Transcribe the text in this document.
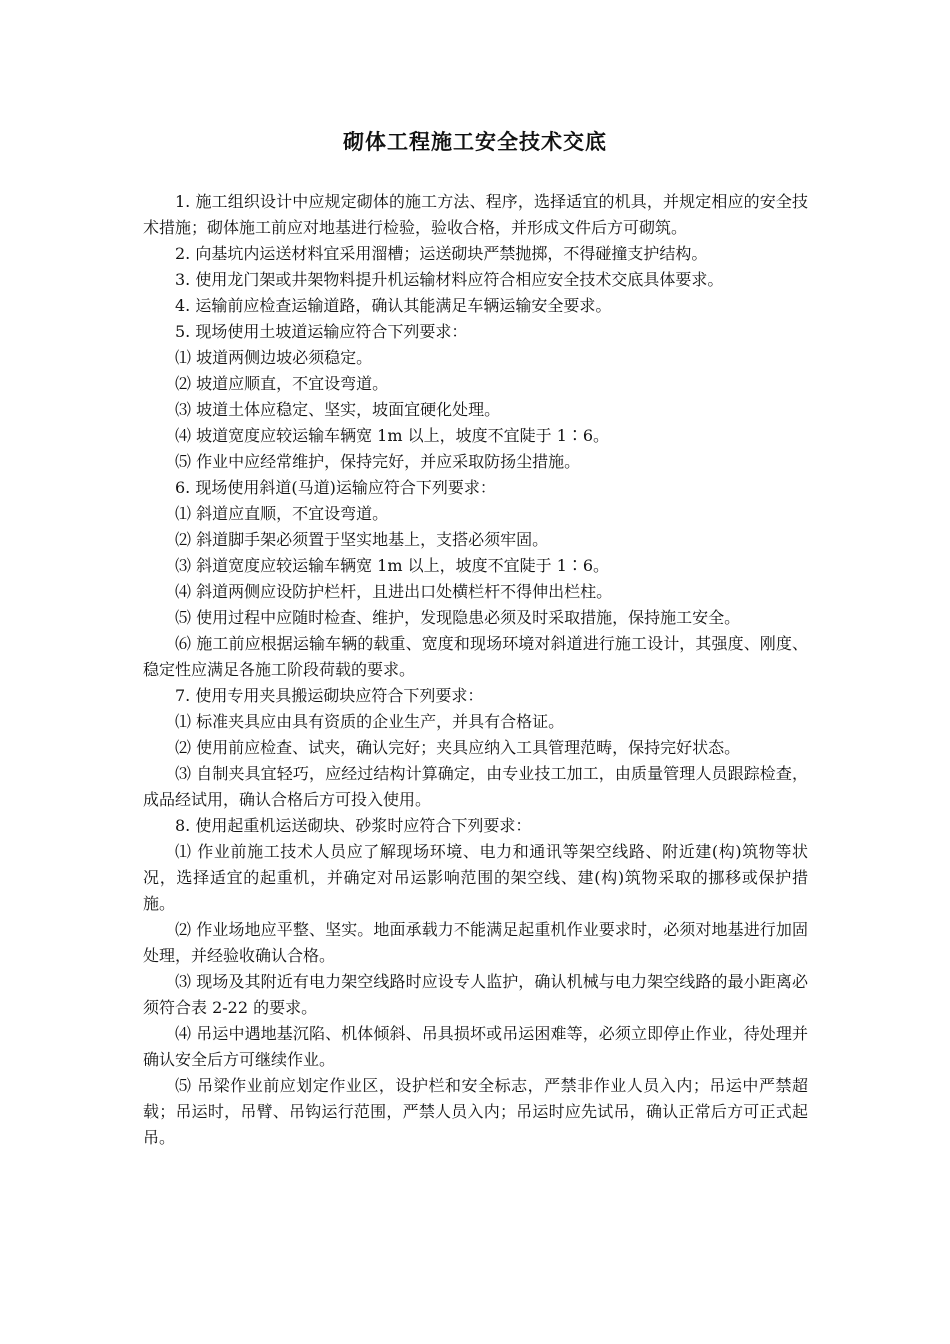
砌体工程施工安全技术交底

1. 施工组织设计中应规定砌体的施工方法、程序，选择适宜的机具，并规定相应的安全技术措施；砌体施工前应对地基进行检验，验收合格，并形成文件后方可砌筑。

2. 向基坑内运送材料宜采用溜槽；运送砌块严禁抛掷，不得碰撞支护结构。

3. 使用龙门架或井架物料提升机运输材料应符合相应安全技术交底具体要求。

4. 运输前应检查运输道路，确认其能满足车辆运输安全要求。

5. 现场使用土坡道运输应符合下列要求：

⑴ 坡道两侧边坡必须稳定。

⑵ 坡道应顺直，不宜设弯道。

⑶ 坡道土体应稳定、坚实，坡面宜硬化处理。

⑷ 坡道宽度应较运输车辆宽 1m 以上，坡度不宜陡于 1∶6。

⑸ 作业中应经常维护，保持完好，并应采取防扬尘措施。

6. 现场使用斜道(马道)运输应符合下列要求：

⑴ 斜道应直顺，不宜设弯道。

⑵ 斜道脚手架必须置于坚实地基上，支搭必须牢固。

⑶ 斜道宽度应较运输车辆宽 1m 以上，坡度不宜陡于 1∶6。

⑷ 斜道两侧应设防护栏杆，且进出口处横栏杆不得伸出栏柱。

⑸ 使用过程中应随时检查、维护，发现隐患必须及时采取措施，保持施工安全。

⑹ 施工前应根据运输车辆的载重、宽度和现场环境对斜道进行施工设计，其强度、刚度、稳定性应满足各施工阶段荷载的要求。

7. 使用专用夹具搬运砌块应符合下列要求：

⑴ 标准夹具应由具有资质的企业生产，并具有合格证。

⑵ 使用前应检查、试夹，确认完好；夹具应纳入工具管理范畴，保持完好状态。

⑶ 自制夹具宜轻巧，应经过结构计算确定，由专业技工加工，由质量管理人员跟踪检查，成品经试用，确认合格后方可投入使用。

8. 使用起重机运送砌块、砂浆时应符合下列要求：

⑴ 作业前施工技术人员应了解现场环境、电力和通讯等架空线路、附近建(构)筑物等状况，选择适宜的起重机，并确定对吊运影响范围的架空线、建(构)筑物采取的挪移或保护措施。

⑵ 作业场地应平整、坚实。地面承载力不能满足起重机作业要求时，必须对地基进行加固处理，并经验收确认合格。

⑶ 现场及其附近有电力架空线路时应设专人监护，确认机械与电力架空线路的最小距离必须符合表 2-22 的要求。

⑷ 吊运中遇地基沉陷、机体倾斜、吊具损坏或吊运困难等，必须立即停止作业，待处理并确认安全后方可继续作业。

⑸ 吊梁作业前应划定作业区，设护栏和安全标志，严禁非作业人员入内；吊运中严禁超载；吊运时，吊臂、吊钩运行范围，严禁人员入内；吊运时应先试吊，确认正常后方可正式起吊。
